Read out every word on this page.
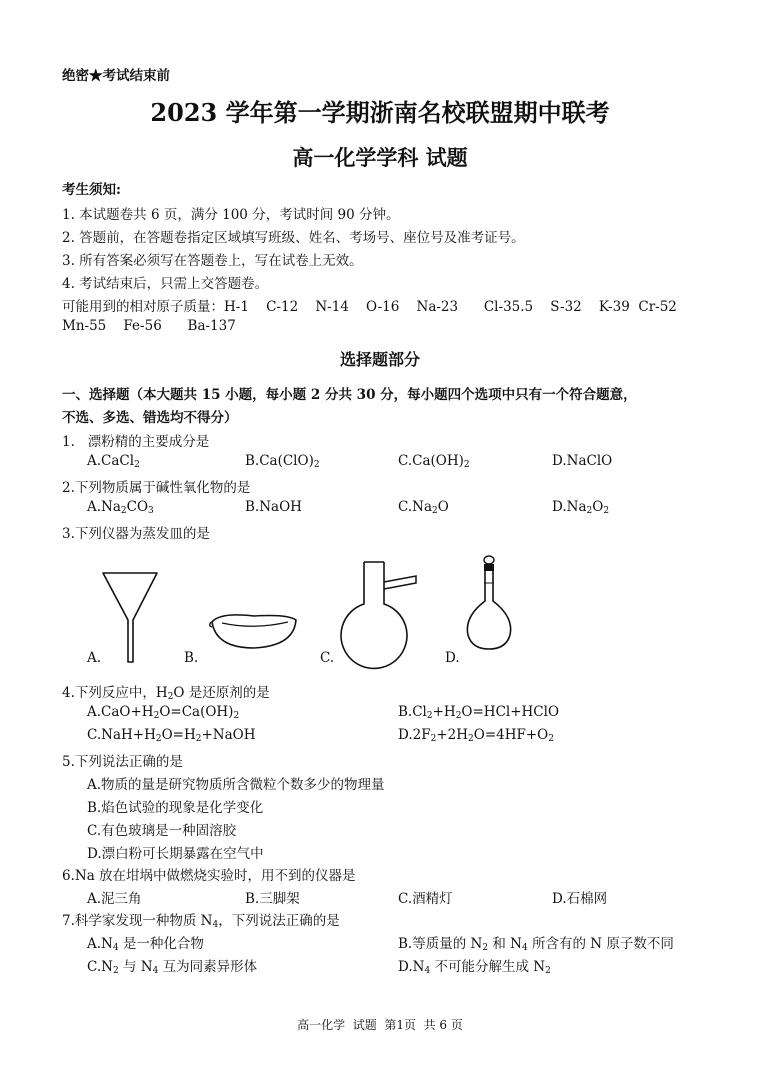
绝密★考试结束前
2023 学年第一学期浙南名校联盟期中联考
高一化学学科 试题
考生须知:
1. 本试题卷共 6 页，满分 100 分，考试时间 90 分钟。
2. 答题前，在答题卷指定区域填写班级、姓名、考场号、座位号及准考证号。
3. 所有答案必须写在答题卷上，写在试卷上无效。
4. 考试结束后，只需上交答题卷。
可能用到的相对原子质量：H-1    C-12    N-14    O-16    Na-23      Cl-35.5    S-32    K-39  Cr-52
Mn-55    Fe-56      Ba-137
选择题部分
一、选择题（本大题共 15 小题，每小题 2 分共 30 分，每小题四个选项中只有一个符合题意，
不选、多选、错选均不得分）
1.   漂粉精的主要成分是
A.CaCl$_2$	$B.Ca(ClO)_2$	$C.Ca(OH)_2$	D.NaClO
2.下列物质属于碱性氧化物的是
$A.Na_2CO_3$	B.NaOH	$C.Na_2O$	$D.Na_2O_2$
3.下列仪器为蒸发皿的是
A.	B.	C.	D.
4.下列反应中，$H_2O$ 是还原剂的是
$A.CaO+H_2O=Ca(OH)_2$	$B.Cl_2+H_2O=HCl+HClO$
$C.NaH+H_2O=H_2+NaOH$	$D.2F_2+2H_2O=4HF+O_2$
5.下列说法正确的是
A.物质的量是研究物质所含微粒个数多少的物理量
B.焰色试验的现象是化学变化
C.有色玻璃是一种固溶胶
D.漂白粉可长期暴露在空气中
6.Na 放在坩埚中做燃烧实验时，用不到的仪器是
A.泥三角	B.三脚架	C.酒精灯	D.石棉网
7.科学家发现一种物质 $N_4$，下列说法正确的是
$A.N_4$ 是一种化合物	B.等质量的 $N_2$ 和 $N_4$ 所含有的 N 原子数不同
$C.N_2$ 与 $N_4$ 互为同素异形体	$D.N_4$ 不可能分解生成 $N_2$
高一化学  试题  第1页  共 6 页
